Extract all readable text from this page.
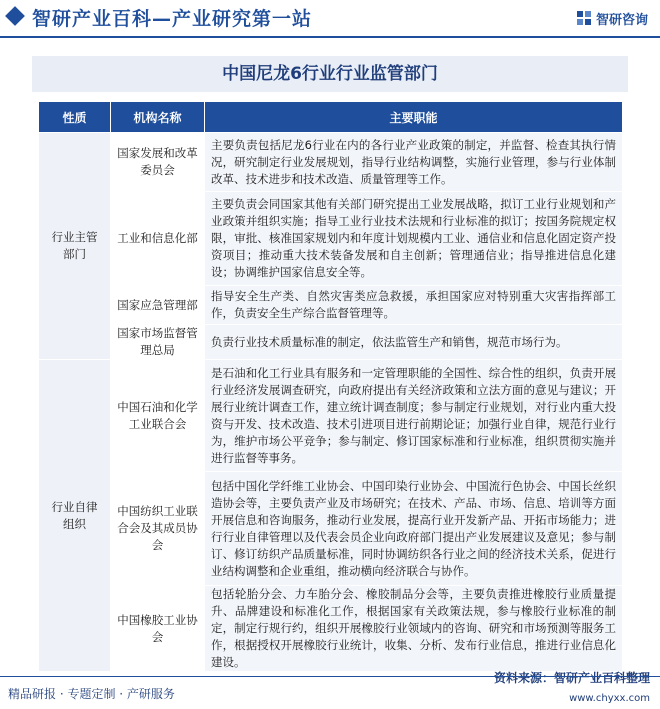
智研产业百科—产业研究第一站	智研咨询
中国尼龙6行业行业监管部门
性质	机构名称	主要职能
行业主管部门	国家发展和改革委员会	主要负责包括尼龙6行业在内的各行业产业政策的制定，并监督、检查其执行情况，研究制定行业发展规划，指导行业结构调整，实施行业管理，参与行业体制改革、技术进步和技术改造、质量管理等工作。
	工业和信息化部	主要负责会同国家其他有关部门研究提出工业发展战略，拟订工业行业规划和产业政策并组织实施；指导工业行业技术法规和行业标准的拟订；按国务院规定权限，审批、核准国家规划内和年度计划规模内工业、通信业和信息化固定资产投资项目；推动重大技术装备发展和自主创新；管理通信业；指导推进信息化建设；协调维护国家信息安全等。
	国家应急管理部	指导安全生产类、自然灾害类应急救援，承担国家应对特别重大灾害指挥部工作，负责安全生产综合监督管理等。
	国家市场监督管理总局	负责行业技术质量标准的制定，依法监管生产和销售，规范市场行为。
行业自律组织	中国石油和化学工业联合会	是石油和化工行业具有服务和一定管理职能的全国性、综合性的组织，负责开展行业经济发展调查研究，向政府提出有关经济政策和立法方面的意见与建议；开展行业统计调查工作，建立统计调查制度；参与制定行业规划，对行业内重大投资与开发、技术改造、技术引进项目进行前期论证；加强行业自律，规范行业行为，维护市场公平竞争；参与制定、修订国家标准和行业标准，组织贯彻实施并进行监督等事务。
	中国纺织工业联合会及其成员协会	包括中国化学纤维工业协会、中国印染行业协会、中国流行色协会、中国长丝织造协会等，主要负责产业及市场研究；在技术、产品、市场、信息、培训等方面开展信息和咨询服务，推动行业发展，提高行业开发新产品、开拓市场能力；进行行业自律管理以及代表会员企业向政府部门提出产业发展建议及意见；参与制订、修订纺织产品质量标准，同时协调纺织各行业之间的经济技术关系，促进行业结构调整和企业重组，推动横向经济联合与协作。
	中国橡胶工业协会	包括轮胎分会、力车胎分会、橡胶制品分会等，主要负责推进橡胶行业质量提升、品牌建设和标准化工作，根据国家有关政策法规，参与橡胶行业标准的制定，制定行规行约，组织开展橡胶行业领域内的咨询、研究和市场预测等服务工作，根据授权开展橡胶行业统计，收集、分析、发布行业信息，推进行业信息化建设。
资料来源：智研产业百科整理
精品研报 · 专题定制 · 产研服务	www.chyxx.com
